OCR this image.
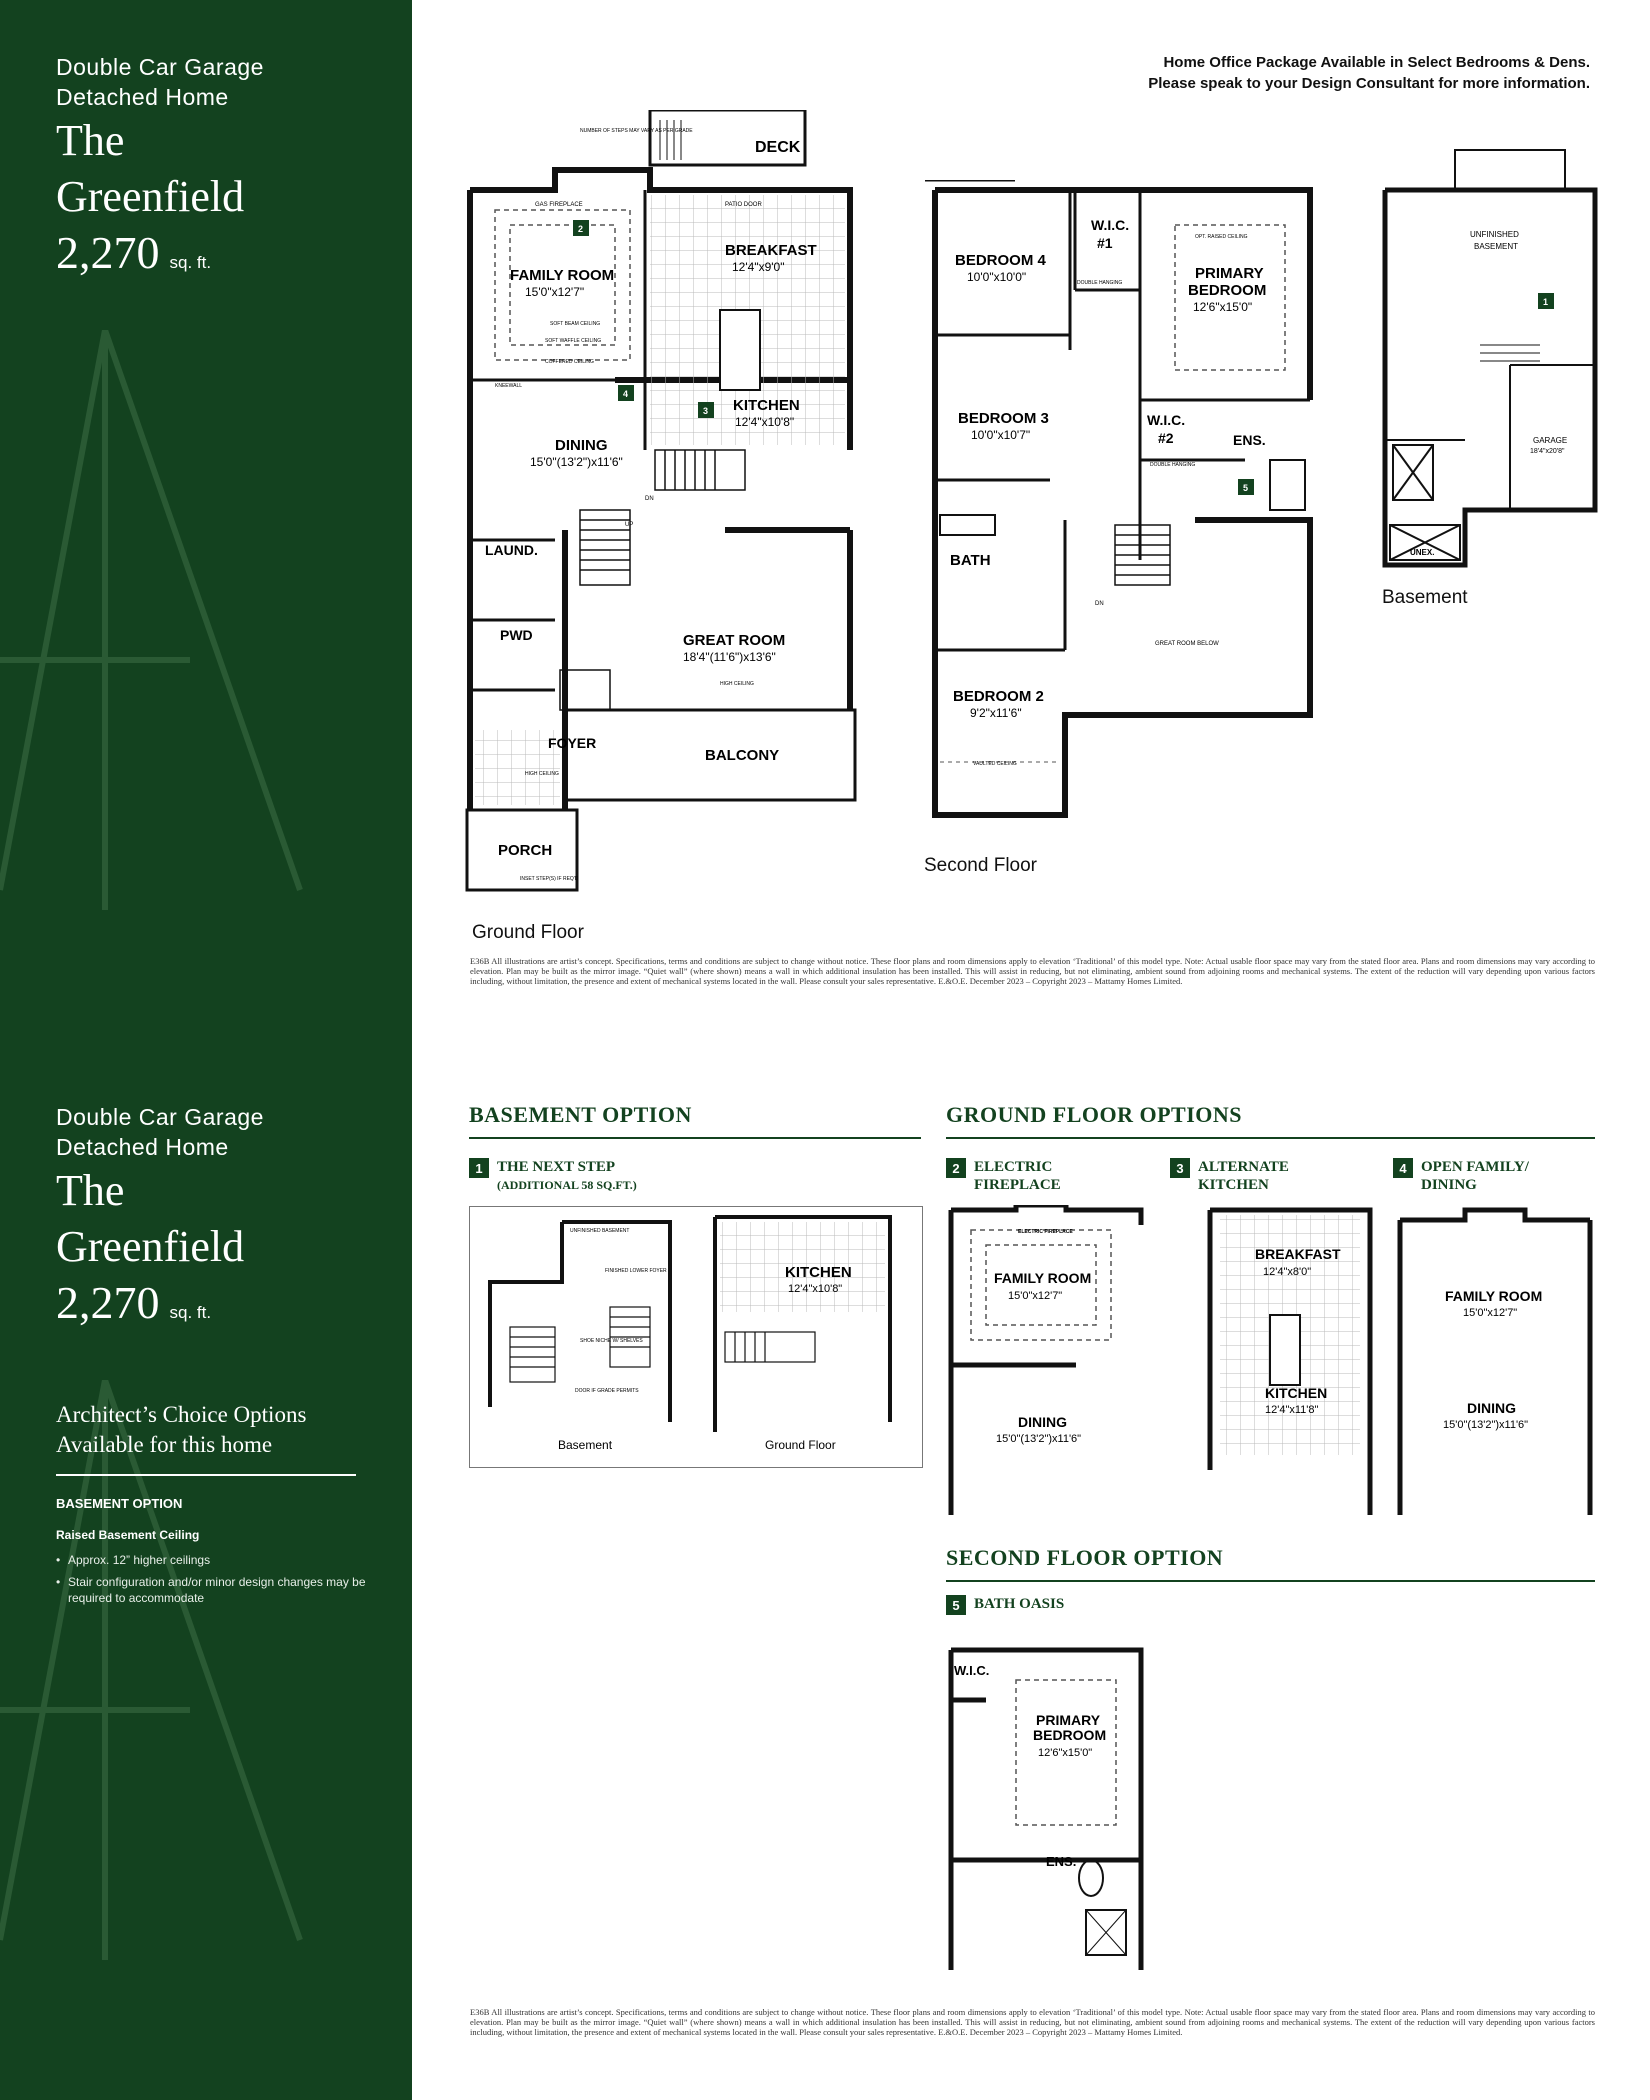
Double Car Garage
Detached Home
The
Greenfield
2,270 sq. ft.
Double Car Garage
Detached Home
The
Greenfield
2,270 sq. ft.
Architect’s Choice Options
Available for this home
BASEMENT OPTION
Raised Basement Ceiling
• Approx. 12” higher ceilings
• Stair configuration and/or minor design changes may be required to accommodate
Home Office Package Available in Select Bedrooms & Dens.
Please speak to your Design Consultant for more information.
DECK
NUMBER OF STEPS MAY VARY AS PER GRADE
GAS FIREPLACE	PATIO DOOR
FAMILY ROOM
15'0"x12'7"
SOFT BEAM CEILING
SOFT WAFFLE CEILING
COFFERED CEILING
BREAKFAST
12'4"x9'0"
KITCHEN
12'4"x10'8"
KNEEWALL
DINING
15'0"(13'2")x11'6"
LAUND.
PWD
FOYER
HIGH CEILING
GREAT ROOM
18'4"(11'6")x13'6"
HIGH CEILING
BALCONY
PORCH
INSET STEP(S) IF REQ'D
UP
DN
2
4
3
Ground Floor
BEDROOM 4
10'0"x10'0"
W.I.C.
#1
DOUBLE HANGING
PRIMARY
BEDROOM
12'6"x15'0"
OPT. RAISED CEILING
BEDROOM 3
10'0"x10'7"
W.I.C.
#2	ENS.
DOUBLE HANGING
BATH
BEDROOM 2
9'2"x11'6"
VAULTED CEILING
GREAT ROOM BELOW
DN
5
Second Floor
1
UNFINISHED
BASEMENT
GARAGE
18'4"x20'8"
UNEX.
Basement
E36B All illustrations are artist’s concept. Specifications, terms and conditions are subject to change without notice. These floor plans and room dimensions apply to elevation ‘Traditional’ of this model type. Note: Actual usable floor space may vary from the stated floor area. Plans and room dimensions may vary according to elevation. Plan may be built as the mirror image. “Quiet wall” (where shown) means a wall in which additional insulation has been installed. This will assist in reducing, but not eliminating, ambient sound from adjoining rooms and mechanical systems. The extent of the reduction will vary depending upon various factors including, without limitation, the presence and extent of mechanical systems located in the wall. Please consult your sales representative. E.&O.E. December 2023 – Copyright 2023 – Mattamy Homes Limited.
BASEMENT OPTION	GROUND FLOOR OPTIONS
1 THE NEXT STEP
(ADDITIONAL 58 SQ.FT.)
UNFINISHED BASEMENT
FINISHED LOWER FOYER
SHOE NICHE W/ SHELVES
DOOR IF GRADE PERMITS
KITCHEN
12'4"x10'8"
Basement	Ground Floor
2 ELECTRIC
FIREPLACE
ELECTRIC FIREPLACE
FAMILY ROOM
15'0"x12'7"
DINING
15'0"(13'2")x11'6"
3 ALTERNATE
KITCHEN
BREAKFAST
12'4"x8'0"
KITCHEN
12'4"x11'8"
4 OPEN FAMILY/
DINING
FAMILY ROOM
15'0"x12'7"
DINING
15'0"(13'2")x11'6"
SECOND FLOOR OPTION
5 BATH OASIS
W.I.C.
PRIMARY
BEDROOM
12'6"x15'0"
ENS.
E36B All illustrations are artist’s concept. Specifications, terms and conditions are subject to change without notice. These floor plans and room dimensions apply to elevation ‘Traditional’ of this model type. Note: Actual usable floor space may vary from the stated floor area. Plans and room dimensions may vary according to elevation. Plan may be built as the mirror image. “Quiet wall” (where shown) means a wall in which additional insulation has been installed. This will assist in reducing, but not eliminating, ambient sound from adjoining rooms and mechanical systems. The extent of the reduction will vary depending upon various factors including, without limitation, the presence and extent of mechanical systems located in the wall. Please consult your sales representative. E.&O.E. December 2023 – Copyright 2023 – Mattamy Homes Limited.
